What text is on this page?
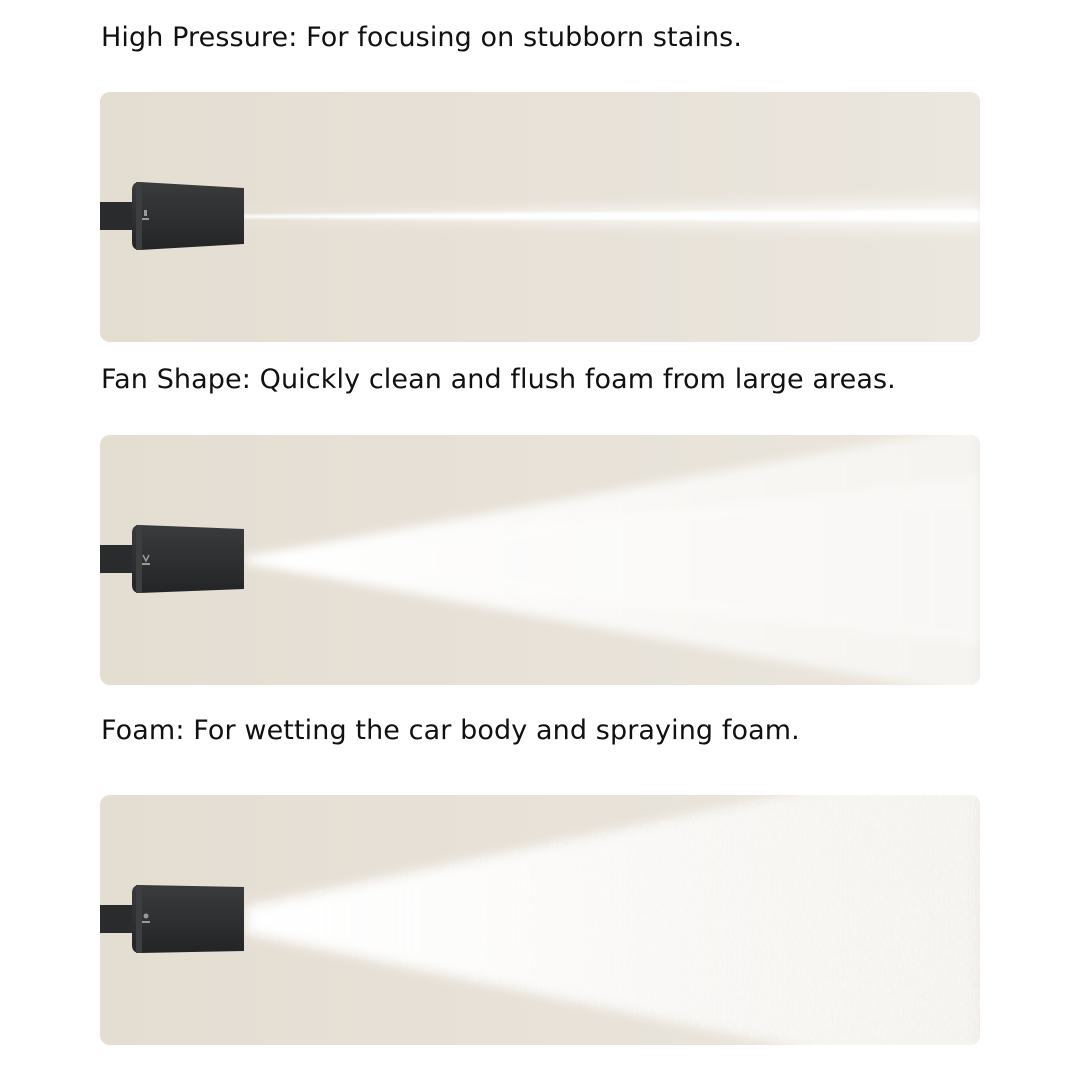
High Pressure: For focusing on stubborn stains.
Fan Shape: Quickly clean and flush foam from large areas.
Foam: For wetting the car body and spraying foam.
